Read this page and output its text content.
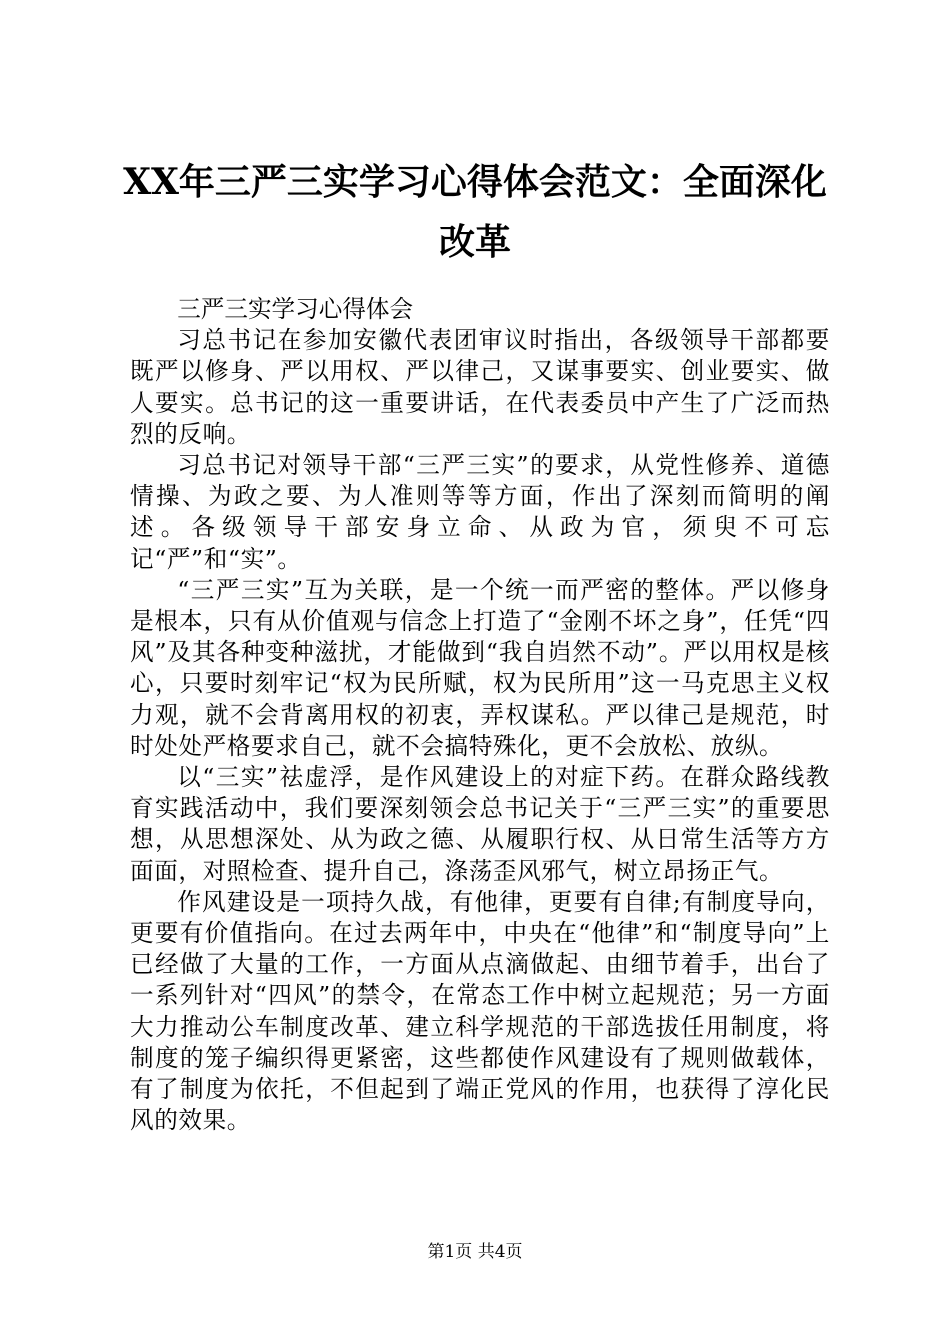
XX年三严三实学习心得体会范文：全面深化
改革

三严三实学习心得体会

习总书记在参加安徽代表团审议时指出，各级领导干部都要既严以修身、严以用权、严以律己，又谋事要实、创业要实、做人要实。总书记的这一重要讲话，在代表委员中产生了广泛而热烈的反响。

习总书记对领导干部“三严三实”的要求，从党性修养、道德情操、为政之要、为人准则等等方面，作出了深刻而简明的阐述。各级领导干部安身立命、从政为官，须臾不可忘记“严”和“实”。

“三严三实”互为关联，是一个统一而严密的整体。严以修身是根本，只有从价值观与信念上打造了“金刚不坏之身”，任凭“四风”及其各种变种滋扰，才能做到“我自岿然不动”。严以用权是核心，只要时刻牢记“权为民所赋，权为民所用”这一马克思主义权力观，就不会背离用权的初衷，弄权谋私。严以律己是规范，时时处处严格要求自己，就不会搞特殊化，更不会放松、放纵。

以“三实”祛虚浮，是作风建设上的对症下药。在群众路线教育实践活动中，我们要深刻领会总书记关于“三严三实”的重要思想，从思想深处、从为政之德、从履职行权、从日常生活等方方面面，对照检查、提升自己，涤荡歪风邪气，树立昂扬正气。

作风建设是一项持久战，有他律，更要有自律;有制度导向，更要有价值指向。在过去两年中，中央在“他律”和“制度导向”上已经做了大量的工作，一方面从点滴做起、由细节着手，出台了一系列针对“四风”的禁令，在常态工作中树立起规范；另一方面大力推动公车制度改革、建立科学规范的干部选拔任用制度，将制度的笼子编织得更紧密，这些都使作风建设有了规则做载体，有了制度为依托，不但起到了端正党风的作用，也获得了淳化民风的效果。

第1页 共4页
